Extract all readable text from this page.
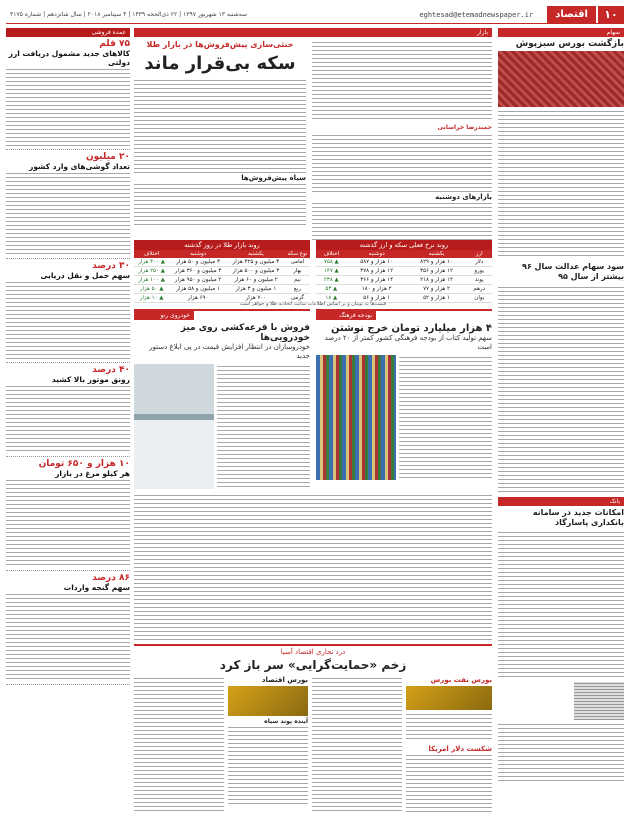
۱۰
اقتصاد
eghtesad@etemadnewspaper.ir
سه‌شنبه ۱۳ شهریور ۱۳۹۷ | ۲۲ ذی‌الحجه ۱۴۳۹ | ۴ سپتامبر ۲۰۱۸ | سال شانزدهم | شماره ۴۱۷۵
سهام
بازگشت بورس سبزپوش
سود سهام عدالت سال ۹۶ بیشتر از سال ۹۵
بانک
امکانات جدید در سامانه بانکداری پاسارگاد
بازار
حمیدرضا خراسانی
بازارهای دوشنبه
خنثی‌سازی پیش‌فروش‌ها در بازار طلا
سکه بی‌قرار ماند
سیاه پیش‌فروش‌ها
روند نرخ فعلی سکه و ارز گذشته
ارز	یکشنبه	دوشنبه	اختلاف
دلار	۱۰ هزار و ۸۲۹	۱۰ هزار و ۵۸۷	▲ ۷۵۸
یورو	۱۲ هزار و ۳۵۶	۱۲ هزار و ۳۷۸	▲ ۱۴۷
پوند	۱۴ هزار و ۲۱۸	۱۴ هزار و ۳۶۶	▲ ۲۳۸
درهم	۲ هزار و ۷۷	۲ هزار و ۱۸۰	▲ ۵۳
یوان	۱ هزار و ۵۲	۱ هزار و ۵۶	▲ ۱۸
روند بازار طلا در روز گذشته
نوع سکه	یکشنبه	دوشنبه	اختلاف
امامی	۳ میلیون و ۳۲۵ هزار	۳ میلیون و ۵۰ هزار	▲ ۳۰۰ هزار
بهار	۳ میلیون و ۵۰۰ هزار	۳ میلیون و ۳۶۰ هزار	▲ ۲۵۰ هزار
نیم	۲ میلیون و ۶۰ هزار	۲ میلیون و ۹۵۰ هزار	▲ ۱۰۰ هزار
ربع	۱ میلیون و ۳ هزار	۱ میلیون و ۵۸ هزار	▲ ۵۰ هزار
گرمی	۷۰۰ هزار	۶۹۰ هزار	▲ ۱۰ هزار
قیمت‌ها به تومان و بر اساس اطلاعات سایت اتحادیه طلا و جواهر است
بودجه فرهنگ
۴ هزار میلیارد تومان خرج نوشتن
سهم تولید کتاب از بودجه فرهنگی کشور کمتر از ۲۰ درصد است
خودروی رنو
فروش با قرعه‌کشی روی میز خودرویی‌ها
خودروسازان در انتظار افزایش قیمت در پی ابلاغ دستور جدید
درد تجاری اقتصاد آسیا
زخم «حمایت‌گرایی» سر باز کرد
بورس نفت بورس
شکست دلار امریکا
بورس اقتصاد
آینده پوند سیاه
عمده فروشی
۷۵ قلم
کالاهای جدید مشمول دریافت ارز دولتی
۲۰ میلیون
تعداد گوشی‌های وارد کشور
۳۰ درصد
سهم حمل و نقل دریایی
۴۰ درصد
رونق موتور بالا کشید
۱۰ هزار و ۶۵۰ تومان
هر کیلو مرغ در بازار
۸۶ درصد
سهم گنجه واردات
